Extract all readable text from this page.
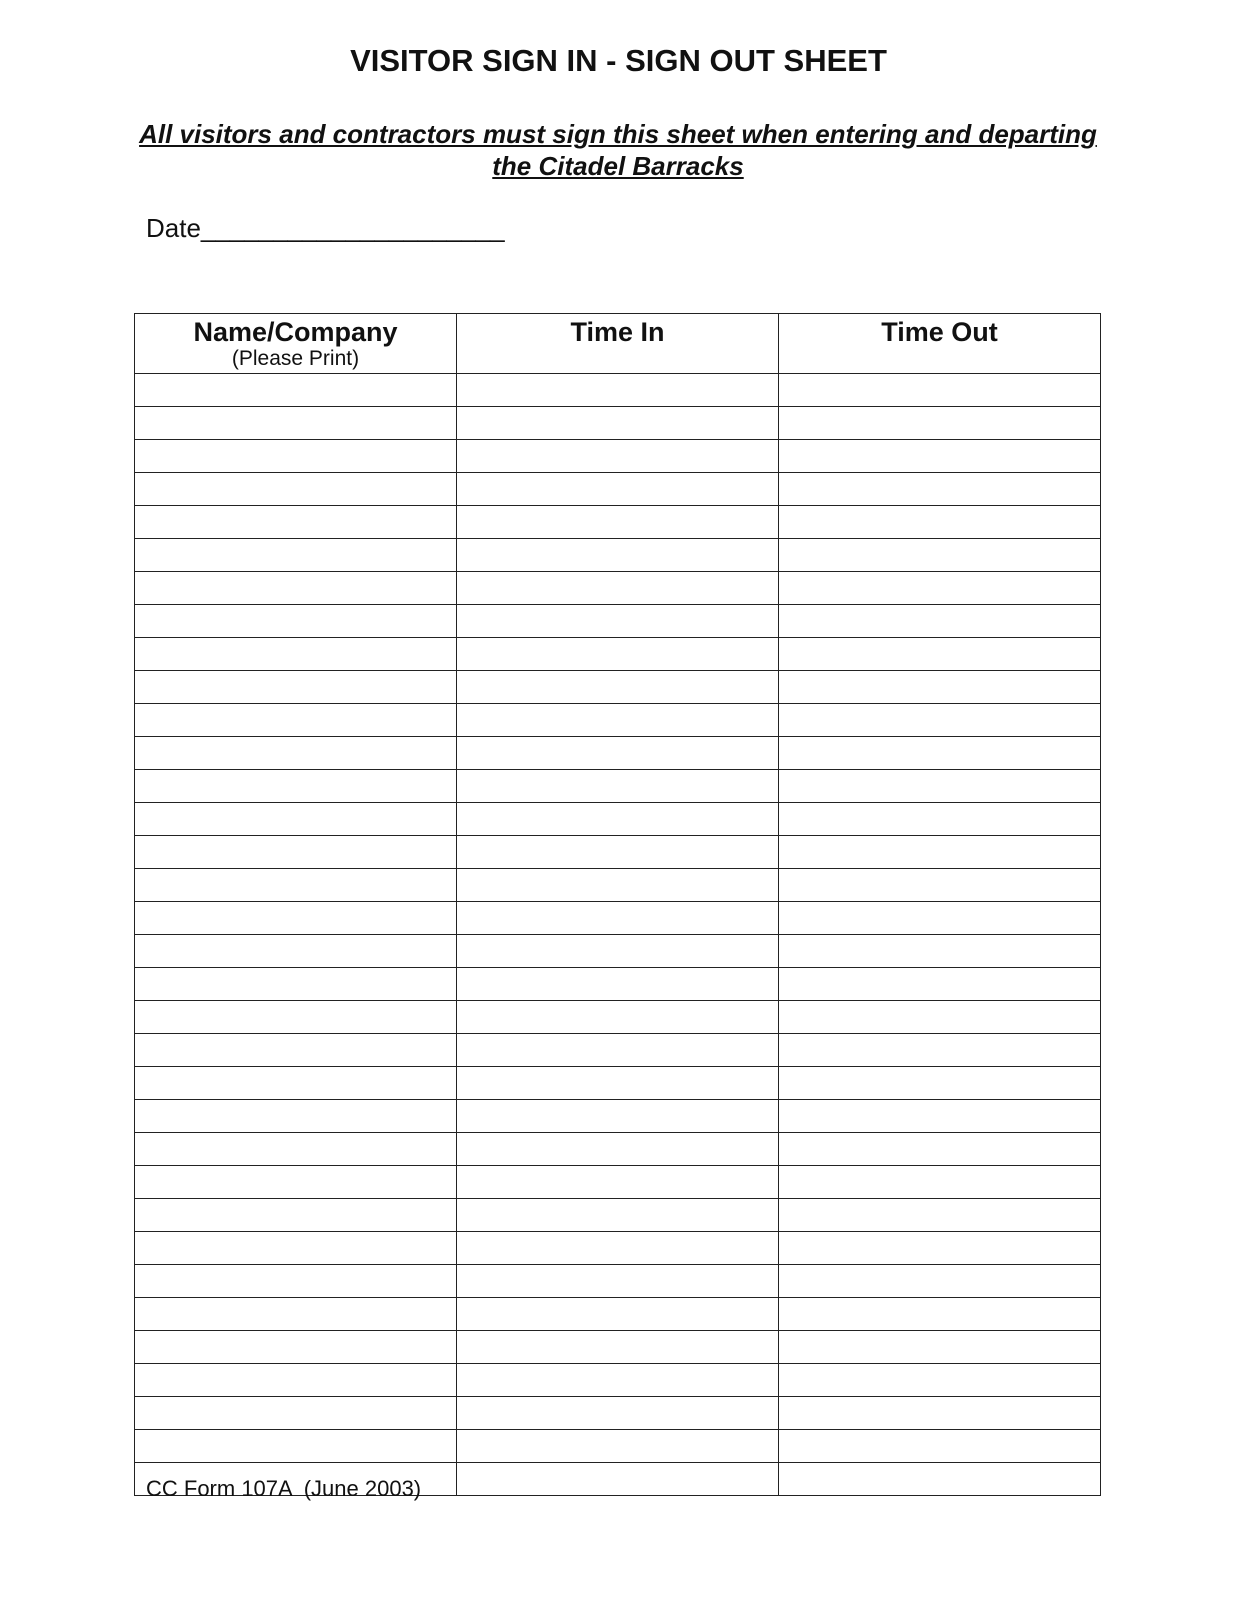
VISITOR SIGN IN - SIGN OUT SHEET

All visitors and contractors must sign this sheet when entering and departing the Citadel Barracks

Date_____________________
Name/Company
(Please Print)	Time In	Time Out

CC Form 107A  (June 2003)
